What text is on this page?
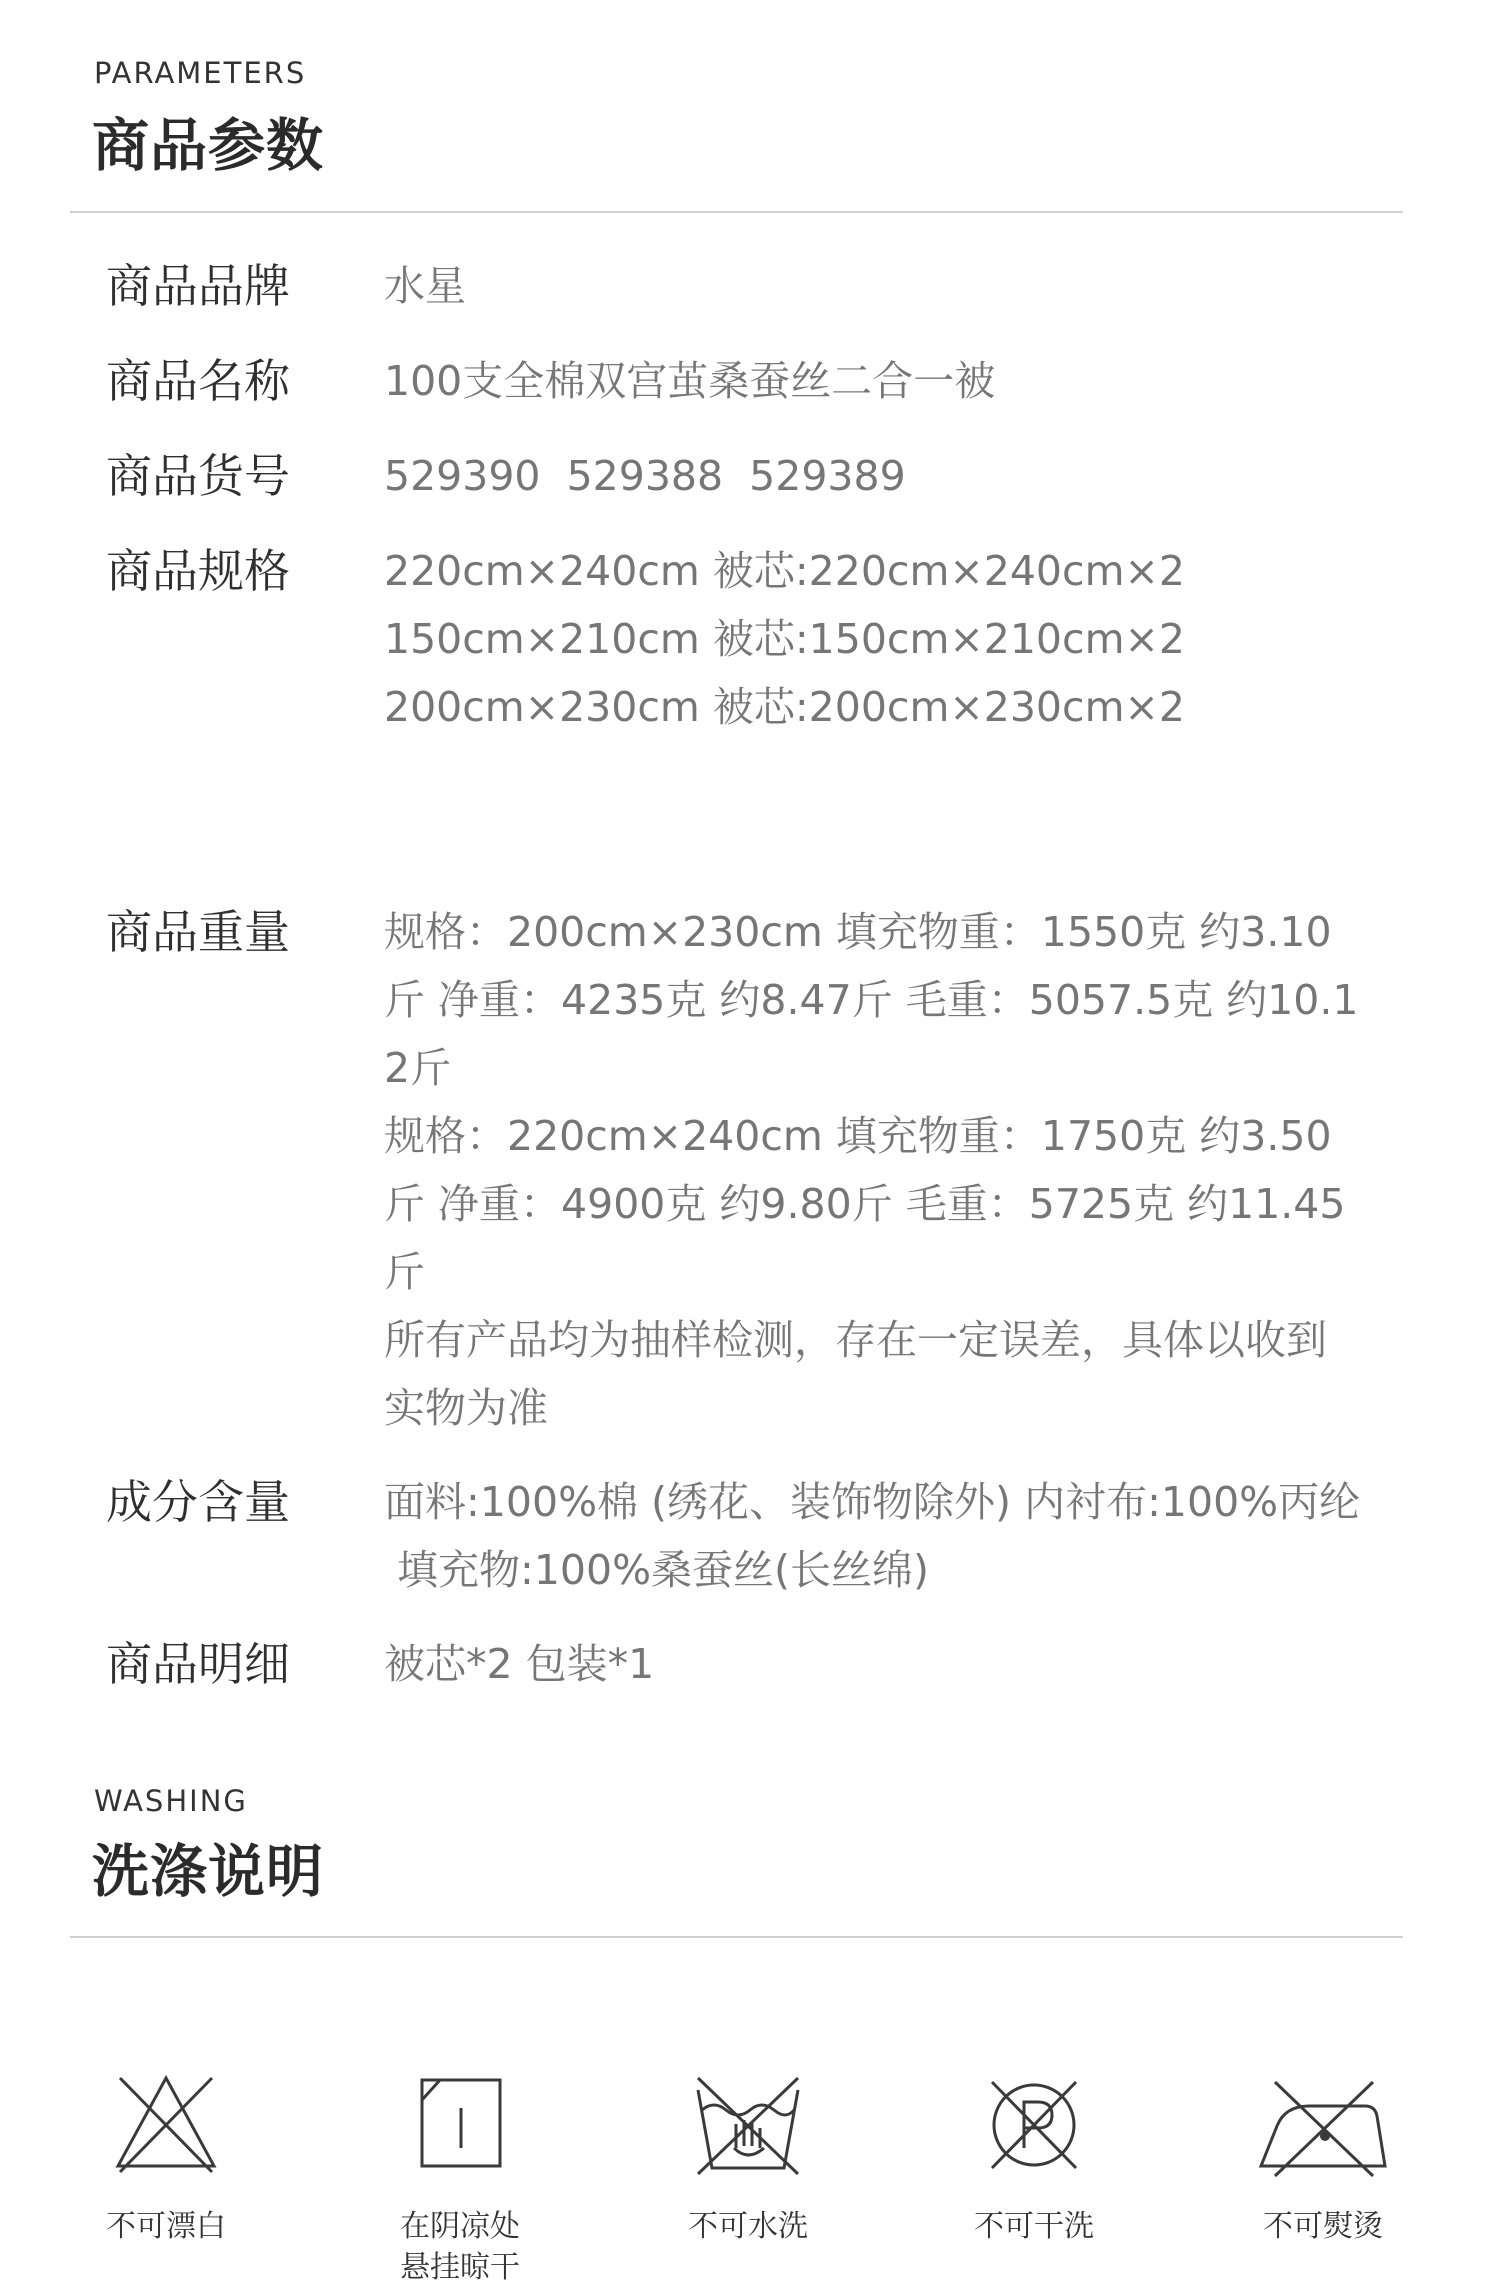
PARAMETERS
商品参数
商品品牌 水星
商品名称 100支全棉双宫茧桑蚕丝二合一被
商品货号 529390  529388  529389
商品规格 220cm×240cm 被芯:220cm×240cm×2
150cm×210cm 被芯:150cm×210cm×2
200cm×230cm 被芯:200cm×230cm×2
商品重量 规格：200cm×230cm 填充物重：1550克 约3.10
斤 净重：4235克 约8.47斤 毛重：5057.5克 约10.1
2斤
规格：220cm×240cm 填充物重：1750克 约3.50
斤 净重：4900克 约9.80斤 毛重：5725克 约11.45
斤
所有产品均为抽样检测，存在一定误差，具体以收到
实物为准
成分含量 面料:100%棉 (绣花、装饰物除外) 内衬布:100%丙纶
填充物:100%桑蚕丝(长丝绵)
商品明细 被芯*2 包装*1
WASHING
洗涤说明
不可漂白	在阴凉处
悬挂晾干
不可水洗	不可干洗	不可熨烫
